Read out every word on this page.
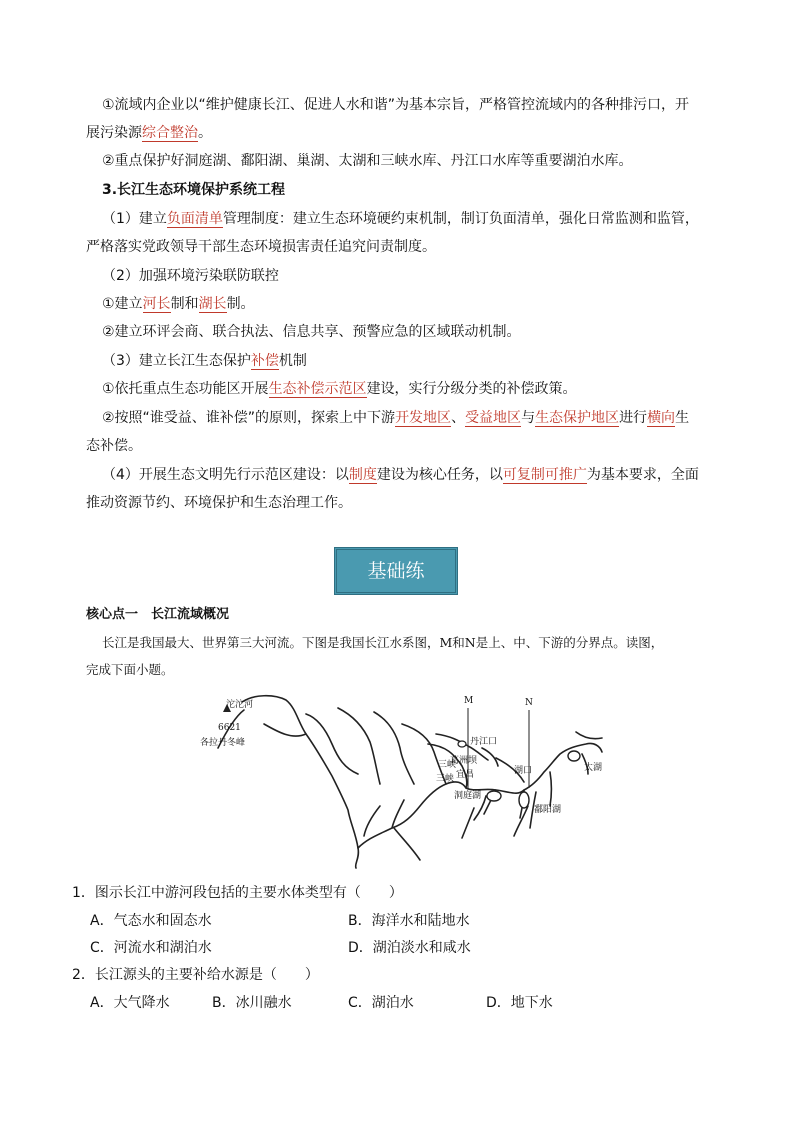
①流域内企业以“维护健康长江、促进人水和谐”为基本宗旨，严格管控流域内的各种排污口，开
展污染源综合整治。
②重点保护好洞庭湖、鄱阳湖、巢湖、太湖和三峡水库、丹江口水库等重要湖泊水库。
3.长江生态环境保护系统工程
（1）建立负面清单管理制度：建立生态环境硬约束机制，制订负面清单，强化日常监测和监管，
严格落实党政领导干部生态环境损害责任追究问责制度。
（2）加强环境污染联防联控
①建立河长制和湖长制。
②建立环评会商、联合执法、信息共享、预警应急的区域联动机制。
（3）建立长江生态保护补偿机制
①依托重点生态功能区开展生态补偿示范区建设，实行分级分类的补偿政策。
②按照“谁受益、谁补偿”的原则，探索上中下游开发地区、受益地区与生态保护地区进行横向生
态补偿。
（4）开展生态文明先行示范区建设：以制度建设为核心任务，以可复制可推广为基本要求，全面
推动资源节约、环境保护和生态治理工作。
基础练
核心点一　长江流域概况
长江是我国最大、世界第三大河流。下图是我国长江水系图，M和N是上、中、下游的分界点。读图，
完成下面小题。
沱沱河
6621
各拉丹冬峰
M	N
丹江口
葛洲坝
三峡
三峡 宜昌	湖口	太湖
洞庭湖
鄱阳湖
1．图示长江中游河段包括的主要水体类型有（　　）
A．气态水和固态水	B．海洋水和陆地水
C．河流水和湖泊水	D．湖泊淡水和咸水
2．长江源头的主要补给水源是（　　）
A．大气降水	B．冰川融水	C．湖泊水	D．地下水
